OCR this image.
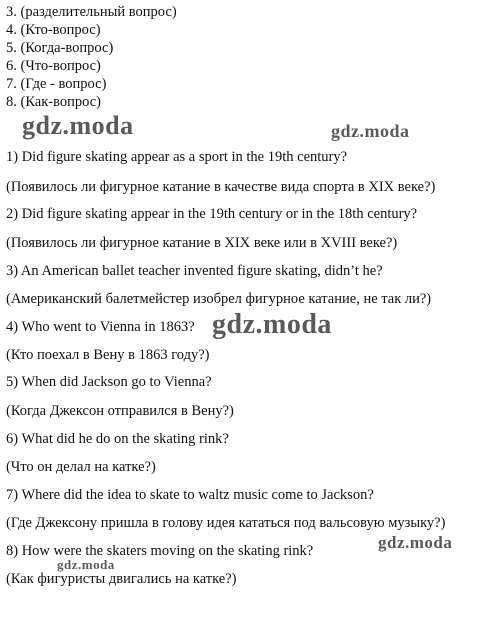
3. (разделительный вопрос)
4. (Кто-вопрос)
5. (Когда-вопрос)
6. (Что-вопрос)
7. (Где - вопрос)
8. (Как-вопрос)
1) Did figure skating appear as a sport in the 19th century?
(Появилось ли фигурное катание в качестве вида спорта в XIX веке?)
2) Did figure skating appear in the 19th century or in the 18th century?
(Появилось ли фигурное катание в XIX веке или в XVIII веке?)
3) An American ballet teacher invented figure skating, didn’t he?
(Американский балетмейстер изобрел фигурное катание, не так ли?)
4) Who went to Vienna in 1863?
(Кто поехал в Вену в 1863 году?)
5) When did Jackson go to Vienna?
(Когда Джексон отправился в Вену?)
6) What did he do on the skating rink?
(Что он делал на катке?)
7) Where did the idea to skate to waltz music come to Jackson?
(Где Джексону пришла в голову идея кататься под вальсовую музыку?)
8) How were the skaters moving on the skating rink?
(Как фигуристы двигались на катке?)
gdz.moda	gdz.moda
gdz.moda
gdz.moda
gdz.moda
